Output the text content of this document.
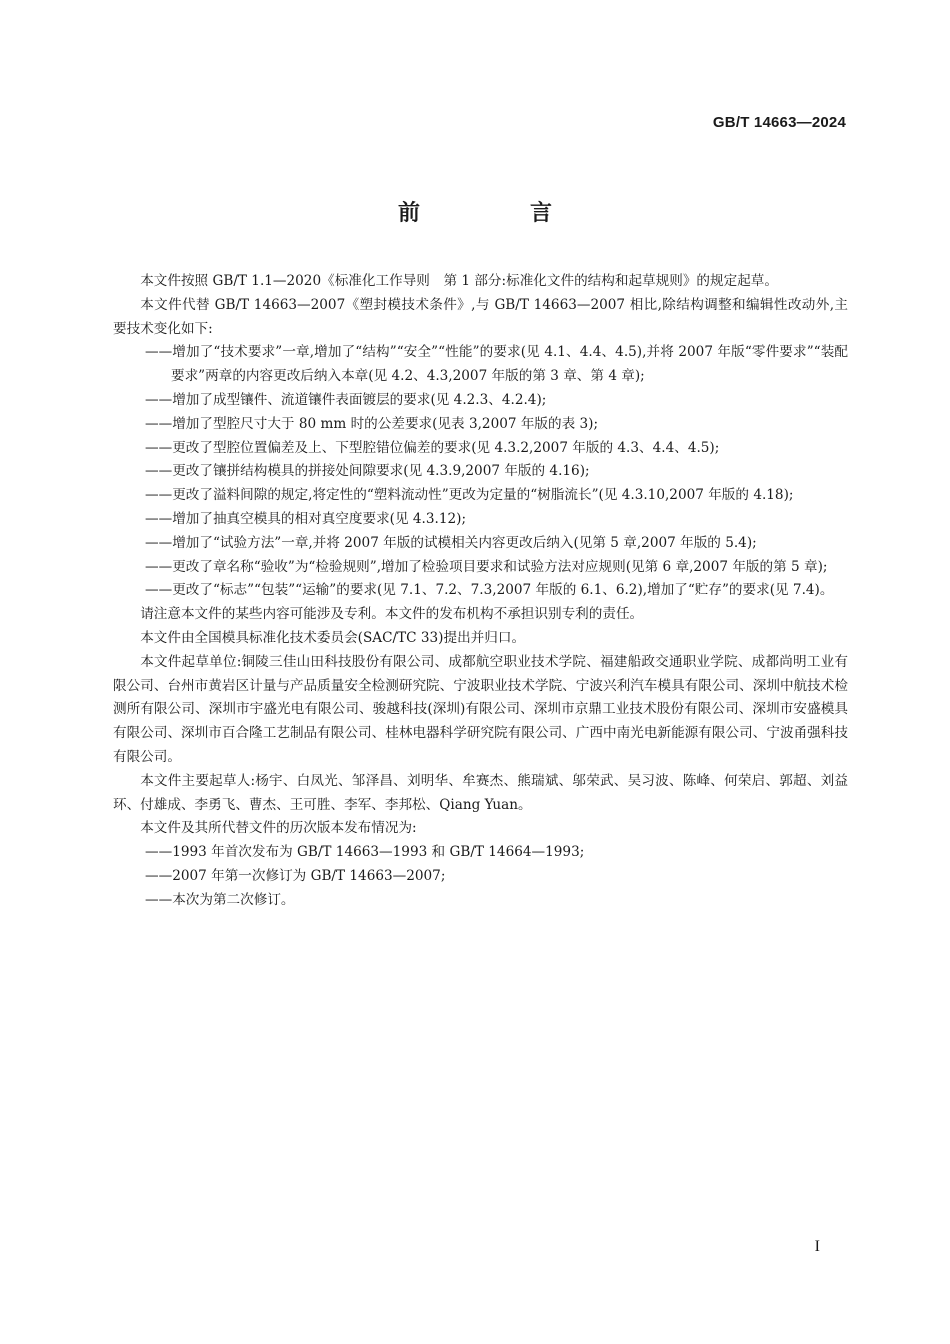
GB/T 14663—2024
前　言

本文件按照 GB/T 1.1—2020《标准化工作导则　第 1 部分:标准化文件的结构和起草规则》的规定起草。

本文件代替 GB/T 14663—2007《塑封模技术条件》,与 GB/T 14663—2007 相比,除结构调整和编辑性改动外,主要技术变化如下:

——增加了“技术要求”一章,增加了“结构”“安全”“性能”的要求(见 4.1、4.4、4.5),并将 2007 年版“零件要求”“装配要求”两章的内容更改后纳入本章(见 4.2、4.3,2007 年版的第 3 章、第 4 章);

——增加了成型镶件、流道镶件表面镀层的要求(见 4.2.3、4.2.4);

——增加了型腔尺寸大于 80 mm 时的公差要求(见表 3,2007 年版的表 3);

——更改了型腔位置偏差及上、下型腔错位偏差的要求(见 4.3.2,2007 年版的 4.3、4.4、4.5);

——更改了镶拼结构模具的拼接处间隙要求(见 4.3.9,2007 年版的 4.16);

——更改了溢料间隙的规定,将定性的“塑料流动性”更改为定量的“树脂流长”(见 4.3.10,2007 年版的 4.18);

——增加了抽真空模具的相对真空度要求(见 4.3.12);

——增加了“试验方法”一章,并将 2007 年版的试模相关内容更改后纳入(见第 5 章,2007 年版的 5.4);

——更改了章名称“验收”为“检验规则”,增加了检验项目要求和试验方法对应规则(见第 6 章,2007 年版的第 5 章);

——更改了“标志”“包装”“运输”的要求(见 7.1、7.2、7.3,2007 年版的 6.1、6.2),增加了“贮存”的要求(见 7.4)。

请注意本文件的某些内容可能涉及专利。本文件的发布机构不承担识别专利的责任。

本文件由全国模具标准化技术委员会(SAC/TC 33)提出并归口。

本文件起草单位:铜陵三佳山田科技股份有限公司、成都航空职业技术学院、福建船政交通职业学院、成都尚明工业有限公司、台州市黄岩区计量与产品质量安全检测研究院、宁波职业技术学院、宁波兴利汽车模具有限公司、深圳中航技术检测所有限公司、深圳市宇盛光电有限公司、骏越科技(深圳)有限公司、深圳市京鼎工业技术股份有限公司、深圳市安盛模具有限公司、深圳市百合隆工艺制品有限公司、桂林电器科学研究院有限公司、广西中南光电新能源有限公司、宁波甬强科技有限公司。

本文件主要起草人:杨宇、白凤光、邹泽昌、刘明华、牟赛杰、熊瑞斌、邬荣武、吴习波、陈峰、何荣启、郭超、刘益环、付雄成、李勇飞、曹杰、王可胜、李军、李邦松、Qiang Yuan。

本文件及其所代替文件的历次版本发布情况为:

——1993 年首次发布为 GB/T 14663—1993 和 GB/T 14664—1993;

——2007 年第一次修订为 GB/T 14663—2007;

——本次为第二次修订。

I
